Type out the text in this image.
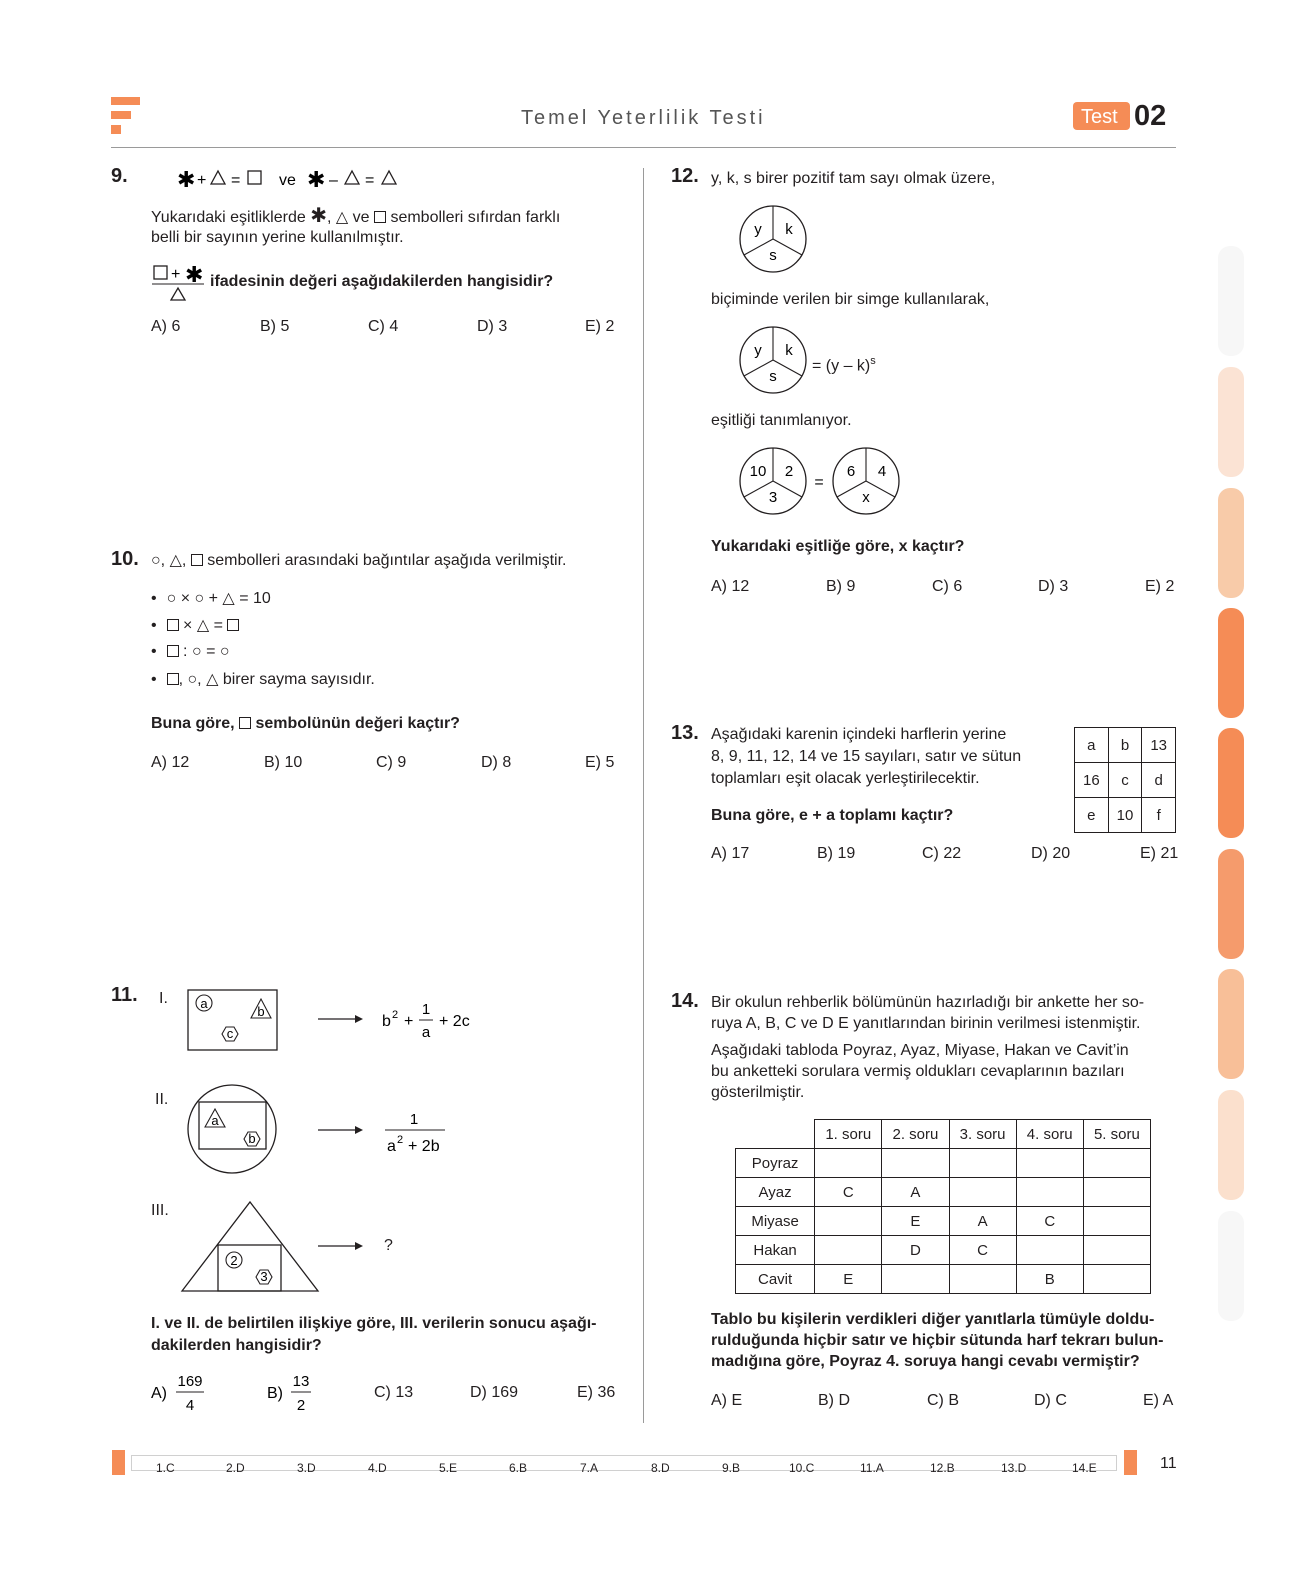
Temel Yeterlilik Testi	Test 02
9. ✱ + = ve ✱ – =
Yukarıdaki eşitliklerde ✱, △ ve sembolleri sıfırdan farklı
belli bir sayının yerine kullanılmıştır.
+ ✱ ifadesinin değeri aşağıdakilerden hangisidir?
A) 6	B) 5	C) 4	D) 3	E) 2
10. ○, △,  sembolleri arasındaki bağıntılar aşağıda verilmiştir.
• ○ × ○ + △ = 10
• × △ =
• : ○ = ○
• , ○, △ birer sayma sayısıdır.
Buna göre, sembolünün değeri kaçtır?
A) 12	B) 10	C) 9	D) 8	E) 5
11. I.
II.
III.
a
b
c
a
b
2
3
b 2 +
1
a
+ 2c
1
a 2 + 2b
?
I. ve II. de belirtilen ilişkiye göre, III. verilerin sonucu aşağı-
dakilerden hangisidir?
A)
169
4
B)
13
2
C) 13	D) 169	E) 36
12. y, k, s birer pozitif tam sayı olmak üzere,
y k
s
biçiminde verilen bir simge kullanılarak,
y k
s
= (y – k)$^s$
eşitliği tanımlanıyor.
10 2
3
=
6 4
x
Yukarıdaki eşitliğe göre, x kaçtır?
A) 12	B) 9	C) 6	D) 3	E) 2
13. Aşağıdaki karenin içindeki harflerin yerine
8, 9, 11, 12, 14 ve 15 sayıları, satır ve sütun
toplamları eşit olacak yerleştirilecektir.
a	b	13
16	c	d
e	10	f
Buna göre, e + a toplamı kaçtır?
A) 17	B) 19	C) 22	D) 20	E) 21
14. Bir okulun rehberlik bölümünün hazırladığı bir ankette her so-
ruya A, B, C ve D E yanıtlarından birinin verilmesi istenmiştir.
Aşağıdaki tabloda Poyraz, Ayaz, Miyase, Hakan ve Cavit’in
bu anketteki sorulara vermiş oldukları cevaplarının bazıları
gösterilmiştir.
	1. soru	2. soru	3. soru	4. soru	5. soru
Poyraz					
Ayaz	C	A			
Miyase		E	A	C	
Hakan		D	C		
Cavit	E			B	
Tablo bu kişilerin verdikleri diğer yanıtlarla tümüyle doldu-
rulduğunda hiçbir satır ve hiçbir sütunda harf tekrarı bulun-
madığına göre, Poyraz 4. soruya hangi cevabı vermiştir?
A) E	B) D	C) B	D) C	E) A
1.C	2.D	3.D	4.D	5.E	6.B	7.A	8.D	9.B	10.C	11.A	12.B	13.D	14.E	11
